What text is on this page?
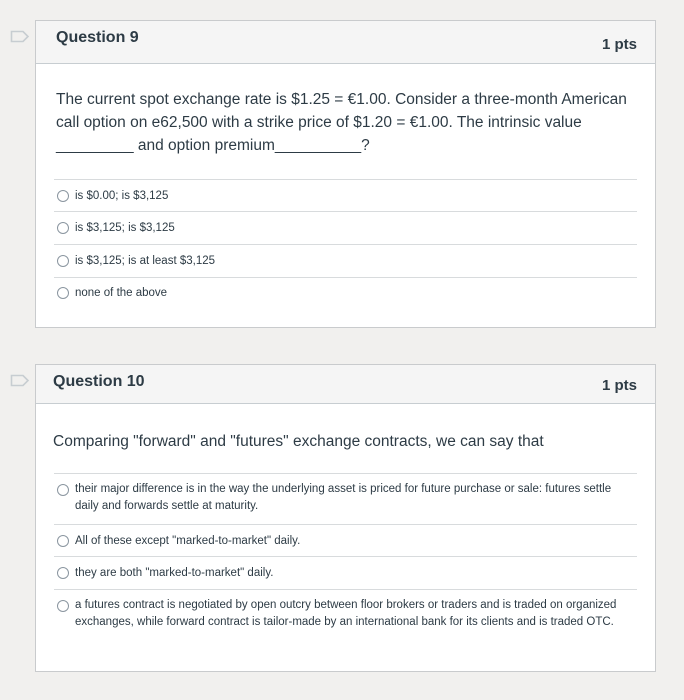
Question 9	1 pts
The current spot exchange rate is $1.25 = €1.00. Consider a three-month American
call option on e62,500 with a strike price of $1.20 = €1.00. The intrinsic value
_________ and option premium__________?
is $0.00; is $3,125
is $3,125; is $3,125
is $3,125; is at least $3,125
none of the above
Question 10	1 pts
Comparing "forward" and "futures" exchange contracts, we can say that
their major difference is in the way the underlying asset is priced for future purchase or sale: futures settle daily and forwards settle at maturity.
All of these except "marked-to-market" daily.
they are both "marked-to-market" daily.
a futures contract is negotiated by open outcry between floor brokers or traders and is traded on organized exchanges, while forward contract is tailor-made by an international bank for its clients and is traded OTC.
